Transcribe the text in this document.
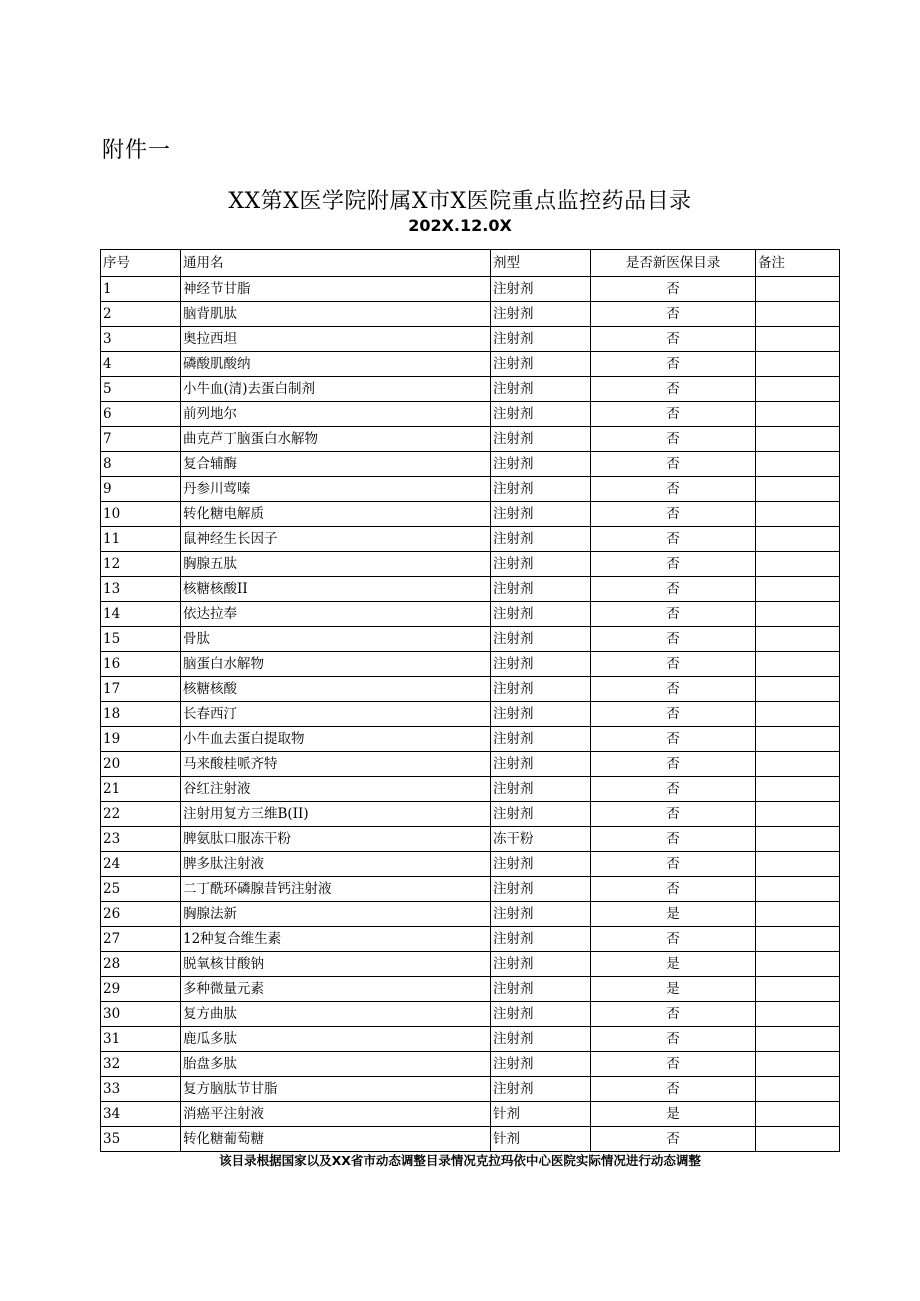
附件一
XX第X医学院附属X市X医院重点监控药品目录
202X.12.0X
序号	通用名	剂型	是否新医保目录	备注
1	神经节甘脂	注射剂	否	
2	脑背肌肽	注射剂	否	
3	奥拉西坦	注射剂	否	
4	磷酸肌酸纳	注射剂	否	
5	小牛血(清)去蛋白制剂	注射剂	否	
6	前列地尔	注射剂	否	
7	曲克芦丁脑蛋白水解物	注射剂	否	
8	复合辅酶	注射剂	否	
9	丹参川莺嗪	注射剂	否	
10	转化糖电解质	注射剂	否	
11	鼠神经生长因子	注射剂	否	
12	胸腺五肽	注射剂	否	
13	核糖核酸II	注射剂	否	
14	依达拉奉	注射剂	否	
15	骨肽	注射剂	否	
16	脑蛋白水解物	注射剂	否	
17	核糖核酸	注射剂	否	
18	长春西汀	注射剂	否	
19	小牛血去蛋白提取物	注射剂	否	
20	马来酸桂哌齐特	注射剂	否	
21	谷红注射液	注射剂	否	
22	注射用复方三维B(II)	注射剂	否	
23	脾氨肽口服冻干粉	冻干粉	否	
24	脾多肽注射液	注射剂	否	
25	二丁酰环磷腺昔钙注射液	注射剂	否	
26	胸腺法新	注射剂	是	
27	12种复合维生素	注射剂	否	
28	脱氧核甘酸钠	注射剂	是	
29	多种微量元素	注射剂	是	
30	复方曲肽	注射剂	否	
31	鹿瓜多肽	注射剂	否	
32	胎盘多肽	注射剂	否	
33	复方脑肽节甘脂	注射剂	否	
34	消癌平注射液	针剂	是	
35	转化糖葡萄糖	针剂	否	
该目录根据国家以及XX省市动态调整目录情况克拉玛依中心医院实际情况进行动态调整
